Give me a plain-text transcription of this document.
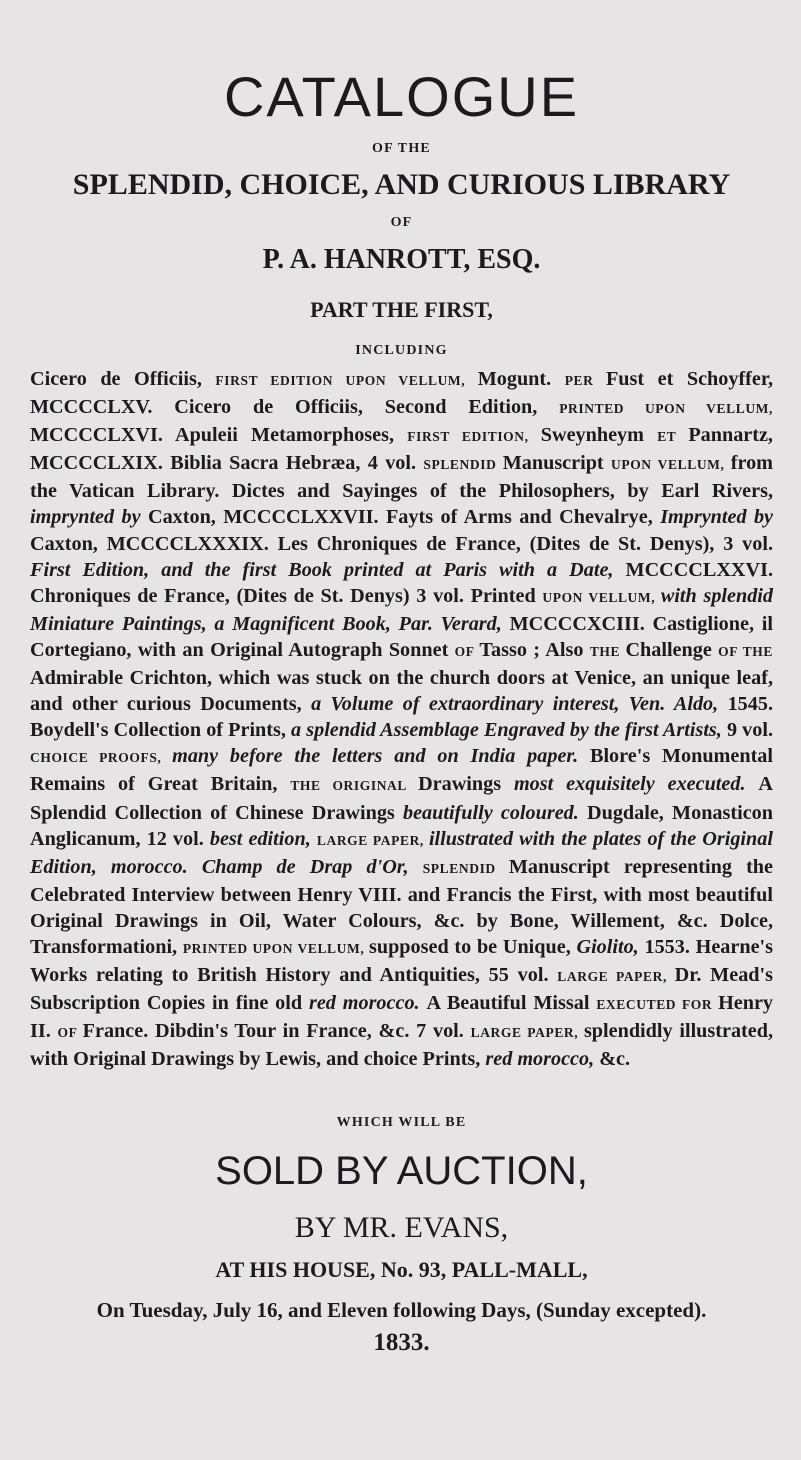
CATALOGUE
OF THE
SPLENDID, CHOICE, AND CURIOUS LIBRARY
OF
P. A. HANROTT, ESQ.
PART THE FIRST,
INCLUDING
Cicero de Officiis, FIRST EDITION UPON VELLUM, Mogunt. PER Fust et Schoyffer, MCCCCLXV. Cicero de Officiis, Second Edition, PRINTED UPON VELLUM, MCCCCLXVI. Apuleii Metamorphoses, FIRST EDITION, Sweynheym ET Pannartz, MCCCCLXIX. Biblia Sacra Hebræa, 4 vol. SPLENDID Manuscript UPON VELLUM, from the Vatican Library. Dictes and Sayinges of the Philosophers, by Earl Rivers, imprynted by Caxton, MCCCCLXXVII. Fayts of Arms and Chevalrye, Imprynted by Caxton, MCCCCLXXXIX. Les Chroniques de France, (Dites de St. Denys), 3 vol. First Edition, and the first Book printed at Paris with a Date, MCCCCLXXVI. Chroniques de France, (Dites de St. Denys) 3 vol. Printed UPON VELLUM, with splendid Miniature Paintings, a Magnificent Book, Par. Verard, MCCCCXCIII. Castiglione, il Cortegiano, with an Original Autograph Sonnet OF Tasso ; Also THE Challenge OF THE Admirable Crichton, which was stuck on the church doors at Venice, an unique leaf, and other curious Documents, a Volume of extraordinary interest, Ven. Aldo, 1545. Boydell's Collection of Prints, a splendid Assemblage Engraved by the first Artists, 9 vol. CHOICE PROOFS, many before the letters and on India paper. Blore's Monumental Remains of Great Britain, THE ORIGINAL Drawings most exquisitely executed. A Splendid Collection of Chinese Drawings beautifully coloured. Dugdale, Monasticon Anglicanum, 12 vol. best edition, LARGE PAPER, illustrated with the plates of the Original Edition, morocco. Champ de Drap d'Or, SPLENDID Manuscript representing the Celebrated Interview between Henry VIII. and Francis the First, with most beautiful Original Drawings in Oil, Water Colours, &c. by Bone, Willement, &c. Dolce, Transformationi, PRINTED UPON VELLUM, supposed to be Unique, Giolito, 1553. Hearne's Works relating to British History and Antiquities, 55 vol. LARGE PAPER, Dr. Mead's Subscription Copies in fine old red morocco. A Beautiful Missal EXECUTED FOR Henry II. OF France. Dibdin's Tour in France, &c. 7 vol. LARGE PAPER, splendidly illustrated, with Original Drawings by Lewis, and choice Prints, red morocco, &c.
WHICH WILL BE
SOLD BY AUCTION,
BY MR. EVANS,
AT HIS HOUSE, No. 93, PALL-MALL,
On Tuesday, July 16, and Eleven following Days, (Sunday excepted).
1833.
